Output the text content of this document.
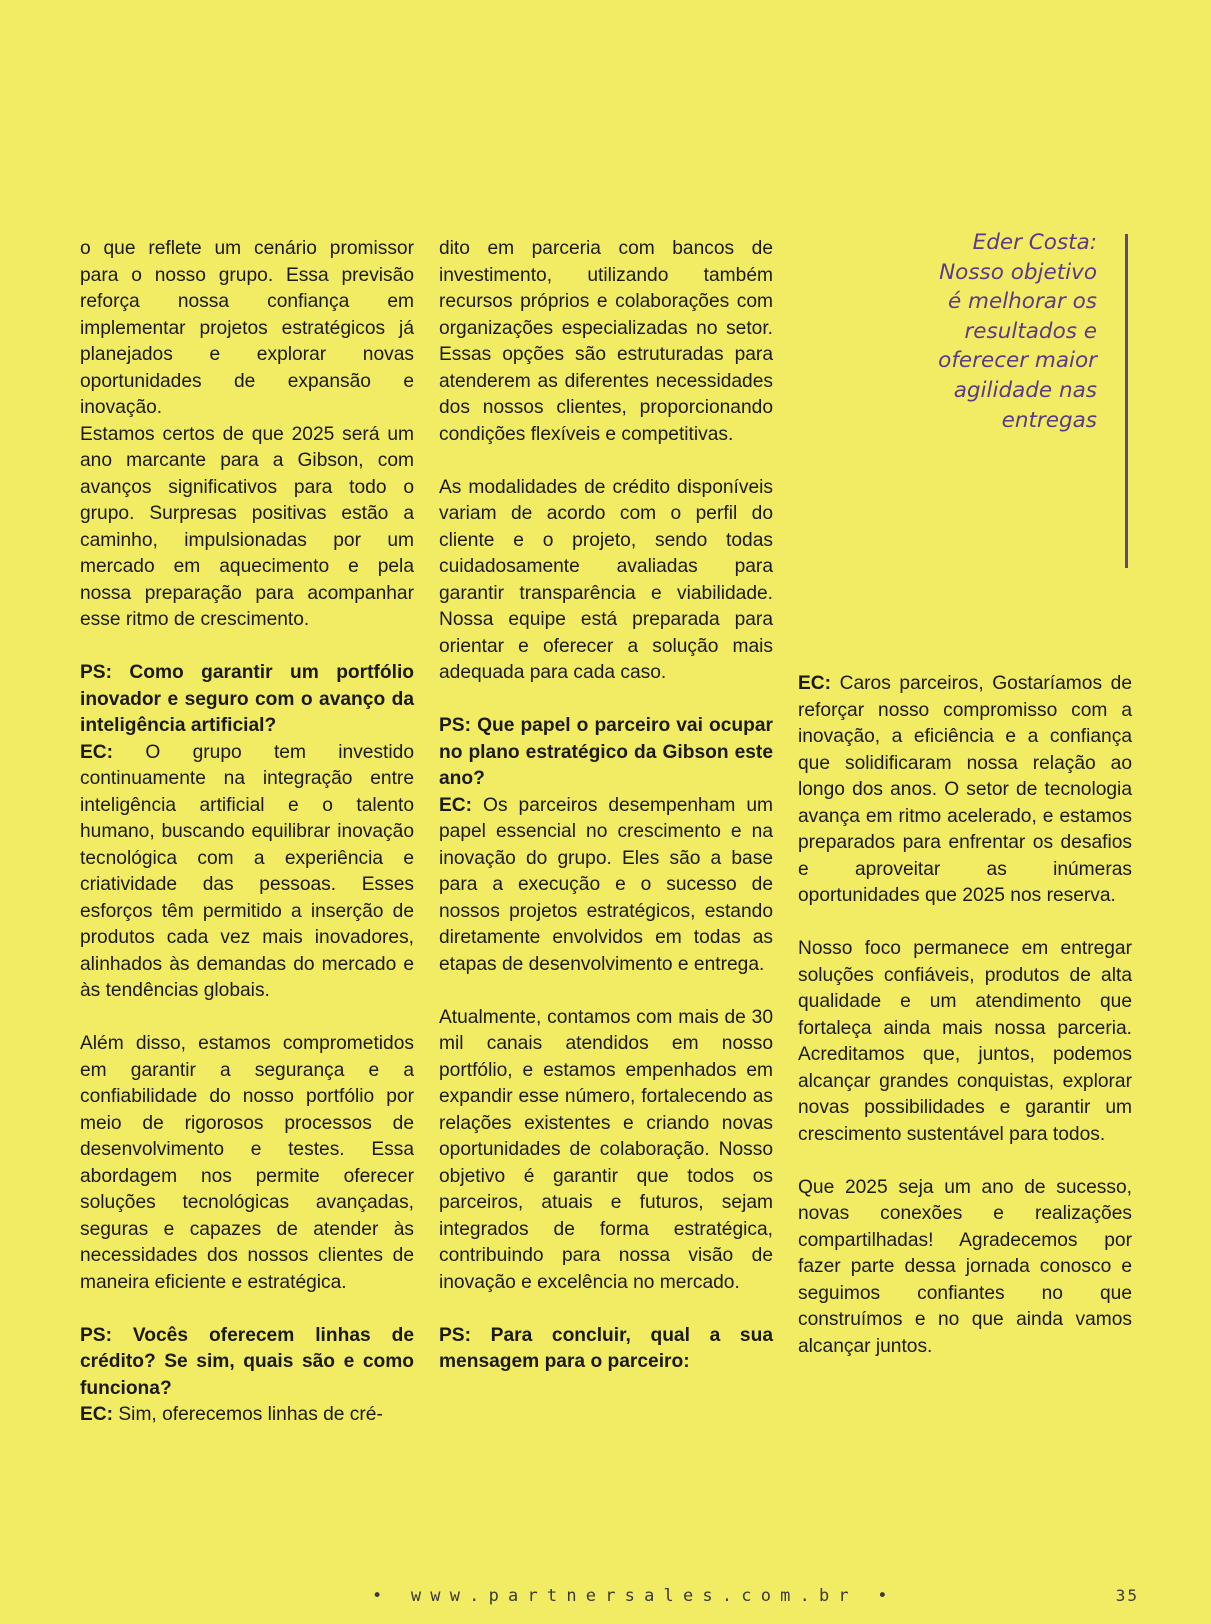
o que reflete um cenário promissor para o nosso grupo. Essa previsão reforça nossa confiança em implementar projetos estratégicos já planejados e explorar novas oportunidades de expansão e inovação.

Estamos certos de que 2025 será um ano marcante para a Gibson, com avanços significativos para todo o grupo. Surpresas positivas estão a caminho, impulsionadas por um mercado em aquecimento e pela nossa preparação para acompanhar esse ritmo de crescimento.

PS: Como garantir um portfólio inovador e seguro com o avanço da inteligência artificial?

EC: O grupo tem investido continuamente na integração entre inteligência artificial e o talento humano, buscando equilibrar inovação tecnológica com a experiência e criatividade das pessoas. Esses esforços têm permitido a inserção de produtos cada vez mais inovadores, alinhados às demandas do mercado e às tendências globais.

Além disso, estamos comprometidos em garantir a segurança e a confiabilidade do nosso portfólio por meio de rigorosos processos de desenvolvimento e testes. Essa abordagem nos permite oferecer soluções tecnológicas avançadas, seguras e capazes de atender às necessidades dos nossos clientes de maneira eficiente e estratégica.

PS: Vocês oferecem linhas de crédito? Se sim, quais são e como funciona?

EC: Sim, oferecemos linhas de cré-

dito em parceria com bancos de investimento, utilizando também recursos próprios e colaborações com organizações especializadas no setor. Essas opções são estruturadas para atenderem as diferentes necessidades dos nossos clientes, proporcionando condições flexíveis e competitivas.

As modalidades de crédito disponíveis variam de acordo com o perfil do cliente e o projeto, sendo todas cuidadosamente avaliadas para garantir transparência e viabilidade. Nossa equipe está preparada para orientar e oferecer a solução mais adequada para cada caso.

PS: Que papel o parceiro vai ocupar no plano estratégico da Gibson este ano?

EC: Os parceiros desempenham um papel essencial no crescimento e na inovação do grupo. Eles são a base para a execução e o sucesso de nossos projetos estratégicos, estando diretamente envolvidos em todas as etapas de desenvolvimento e entrega.

Atualmente, contamos com mais de 30 mil canais atendidos em nosso portfólio, e estamos empenhados em expandir esse número, fortalecendo as relações existentes e criando novas oportunidades de colaboração. Nosso objetivo é garantir que todos os parceiros, atuais e futuros, sejam integrados de forma estratégica, contribuindo para nossa visão de inovação e excelência no mercado.

PS: Para concluir, qual a sua mensagem para o parceiro:

Eder Costa:
Nosso objetivo
é melhorar os
resultados e
oferecer maior
agilidade nas
entregas

EC: Caros parceiros, Gostaríamos de reforçar nosso compromisso com a inovação, a eficiência e a confiança que solidificaram nossa relação ao longo dos anos. O setor de tecnologia avança em ritmo acelerado, e estamos preparados para enfrentar os desafios e aproveitar as inúmeras oportunidades que 2025 nos reserva.

Nosso foco permanece em entregar soluções confiáveis, produtos de alta qualidade e um atendimento que fortaleça ainda mais nossa parceria. Acreditamos que, juntos, podemos alcançar grandes conquistas, explorar novas possibilidades e garantir um crescimento sustentável para todos.

Que 2025 seja um ano de sucesso, novas conexões e realizações compartilhadas! Agradecemos por fazer parte dessa jornada conosco e seguimos confiantes no que construímos e no que ainda vamos alcançar juntos.

• www.partnersales.com.br •	35
